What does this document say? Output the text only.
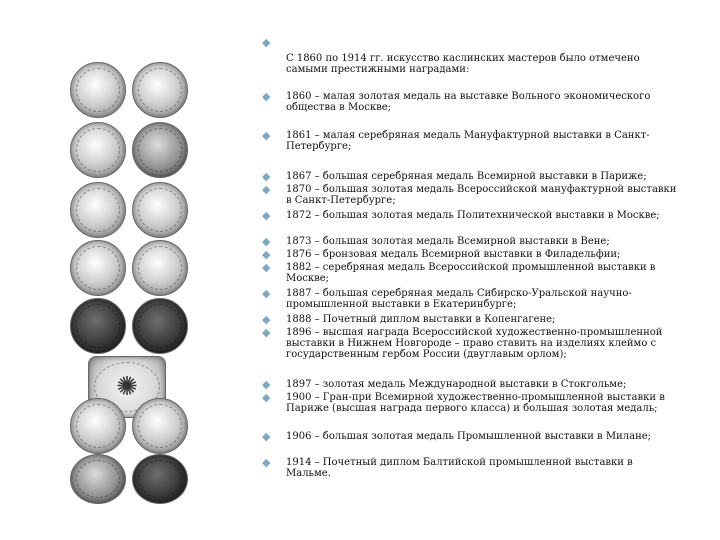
✺
◆
С 1860 по 1914 гг. искусство каслинских мастеров было отмечено самыми престижными наградами:
◆ 1860 – малая золотая медаль на выставке Вольного экономического общества в Москве;
◆ 1861 – малая серебряная медаль Мануфактурной выставки в Санкт-Петербурге;
◆ 1867 – большая серебряная медаль Всемирной выставки в Париже;
◆ 1870 – большая золотая медаль Всероссийской мануфактурной выставки в Санкт-Петербурге;
◆ 1872 – большая золотая медаль Политехнической выставки в Москве;
◆ 1873 – большая золотая медаль Всемирной выставки в Вене;
◆ 1876 – бронзовая медаль Всемирной выставки в Филадельфии;
◆ 1882 – серебряная медаль Всероссийской промышленной выставки в Москве;
◆ 1887 – большая серебряная медаль Сибирско-Уральской научно-промышленной выставки в Екатеринбурге;
◆ 1888 – Почетный диплом выставки в Копенгагене;
◆ 1896 – высшая награда Всероссийской художественно-промышленной выставки в Нижнем Новгороде – право ставить на изделиях клеймо с государственным гербом России (двуглавым орлом);
◆ 1897 – золотая медаль Международной выставки в Стокгольме;
◆ 1900 – Гран-при Всемирной художественно-промышленной выставки в Париже (высшая награда первого класса) и большая золотая медаль;
◆ 1906 – большая золотая медаль Промышленной выставки в Милане;
◆ 1914 – Почетный диплом Балтийской промышленной выставки в Мальме.
